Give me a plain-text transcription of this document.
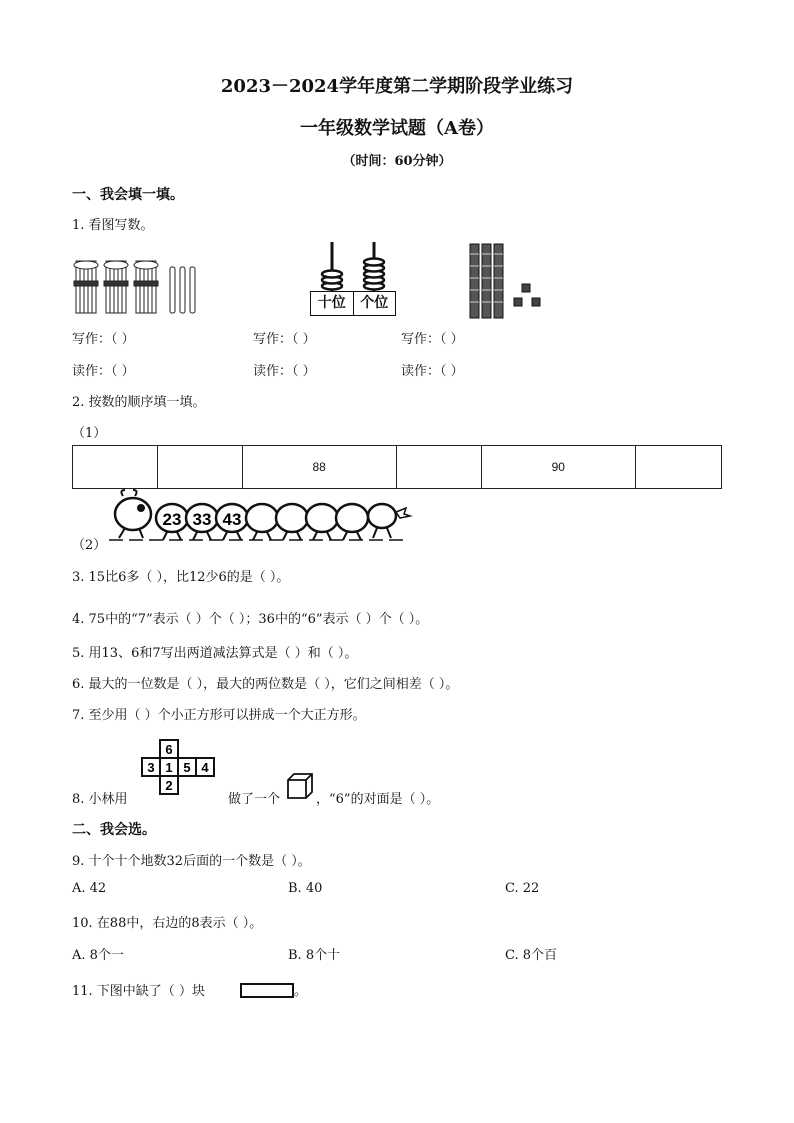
2023－2024学年度第二学期阶段学业练习
一年级数学试题（A卷）
（时间：60分钟）
一、我会填一填。
1. 看图写数。
十位	个位
写作：（ ）	写作：（ ）	写作：（ ）
读作：（ ）	读作：（ ）	读作：（ ）
2. 按数的顺序填一填。
（1）
		88		90	
23 33 43
（2）
3. 15比6多（ ），比12少6的是（ ）。
4. 75中的“7”表示（ ）个（ ）；36中的“6”表示（ ）个（ ）。
5. 用13、6和7写出两道减法算式是（ ）和（ ）。
6. 最大的一位数是（ ），最大的两位数是（ ），它们之间相差（ ）。
7. 至少用（ ）个小正方形可以拼成一个大正方形。
8. 小林用
6
3 1 5 4
2
做了一个	，“6”的对面是（ ）。
二、我会选。
9. 十个十个地数32后面的一个数是（ ）。
A. 42	B. 40	C. 22
10. 在88中，右边的8表示（ ）。
A. 8个一	B. 8个十	C. 8个百
11. 下图中缺了（ ）块	。
